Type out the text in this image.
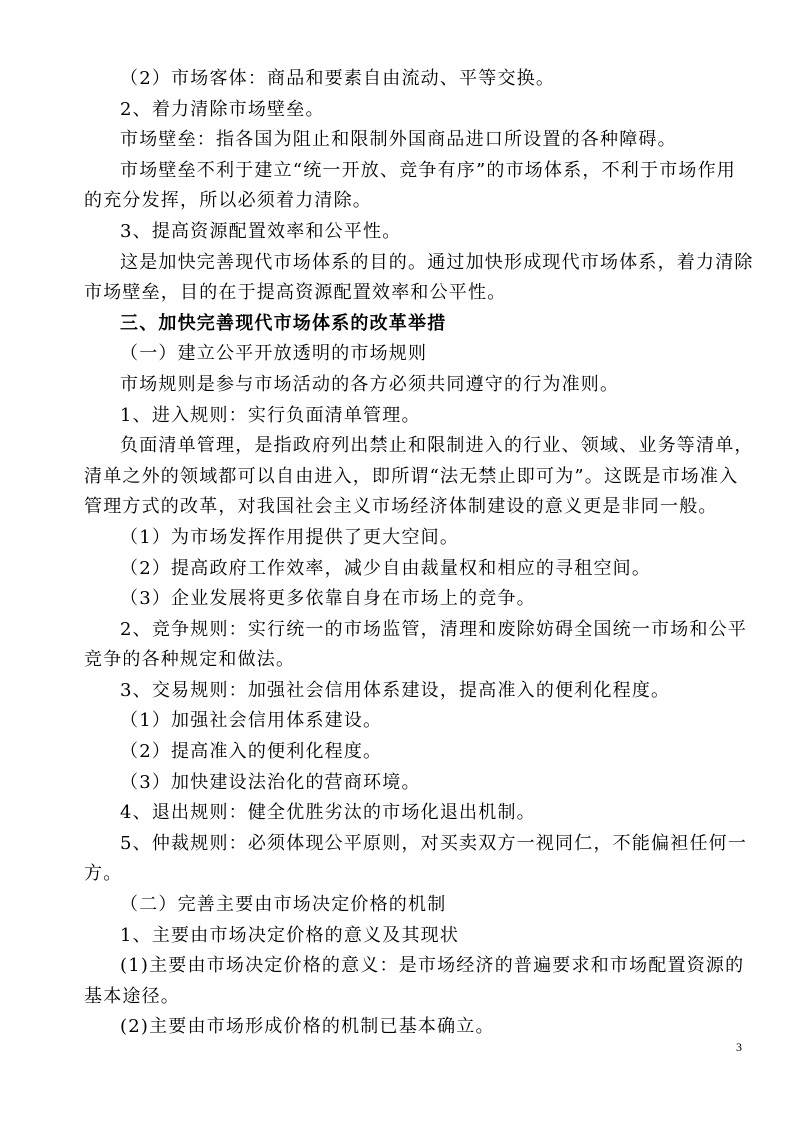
（2）市场客体：商品和要素自由流动、平等交换。
2、着力清除市场壁垒。
市场壁垒：指各国为阻止和限制外国商品进口所设置的各种障碍。
市场壁垒不利于建立“统一开放、竞争有序”的市场体系，不利于市场作用
的充分发挥，所以必须着力清除。
3、提高资源配置效率和公平性。
这是加快完善现代市场体系的目的。通过加快形成现代市场体系，着力清除
市场壁垒，目的在于提高资源配置效率和公平性。
三、加快完善现代市场体系的改革举措
（一）建立公平开放透明的市场规则
市场规则是参与市场活动的各方必须共同遵守的行为准则。
1、进入规则：实行负面清单管理。
负面清单管理，是指政府列出禁止和限制进入的行业、领域、业务等清单，
清单之外的领域都可以自由进入，即所谓“法无禁止即可为”。这既是市场准入
管理方式的改革，对我国社会主义市场经济体制建设的意义更是非同一般。
（1）为市场发挥作用提供了更大空间。
（2）提高政府工作效率，减少自由裁量权和相应的寻租空间。
（3）企业发展将更多依靠自身在市场上的竞争。
2、竞争规则：实行统一的市场监管，清理和废除妨碍全国统一市场和公平
竞争的各种规定和做法。
3、交易规则：加强社会信用体系建设，提高准入的便利化程度。
（1）加强社会信用体系建设。
（2）提高准入的便利化程度。
（3）加快建设法治化的营商环境。
4、退出规则：健全优胜劣汰的市场化退出机制。
5、仲裁规则：必须体现公平原则，对买卖双方一视同仁，不能偏袒任何一
方。
（二）完善主要由市场决定价格的机制
1、主要由市场决定价格的意义及其现状
(1)主要由市场决定价格的意义：是市场经济的普遍要求和市场配置资源的
基本途径。
(2)主要由市场形成价格的机制已基本确立。
3
